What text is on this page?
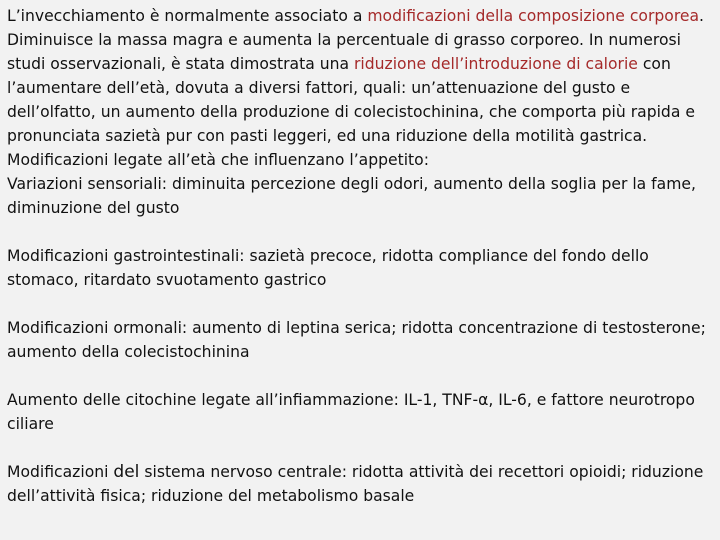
L’invecchiamento è normalmente associato a modificazioni della composizione corporea. Diminuisce la massa magra e aumenta la percentuale di grasso corporeo. In numerosi studi osservazionali, è stata dimostrata una riduzione dell’introduzione di calorie con l’aumentare dell’età, dovuta a diversi fattori, quali: un’attenuazione del gusto e dell’olfatto, un aumento della produzione di colecistochinina, che comporta più rapida e pronunciata sazietà pur con pasti leggeri, ed una riduzione della motilità gastrica.

Modificazioni legate all’età che influenzano l’appetito:

Variazioni sensoriali: diminuita percezione degli odori, aumento della soglia per la fame, diminuzione del gusto

Modificazioni gastrointestinali: sazietà precoce, ridotta compliance del fondo dello stomaco, ritardato svuotamento gastrico

Modificazioni ormonali: aumento di leptina serica; ridotta concentrazione di testosterone; aumento della colecistochinina

Aumento delle citochine legate all’infiammazione: IL-1, TNF-α, IL-6, e fattore neurotropo ciliare

Modificazioni del sistema nervoso centrale: ridotta attività dei recettori opioidi; riduzione dell’attività fisica; riduzione del metabolismo basale
